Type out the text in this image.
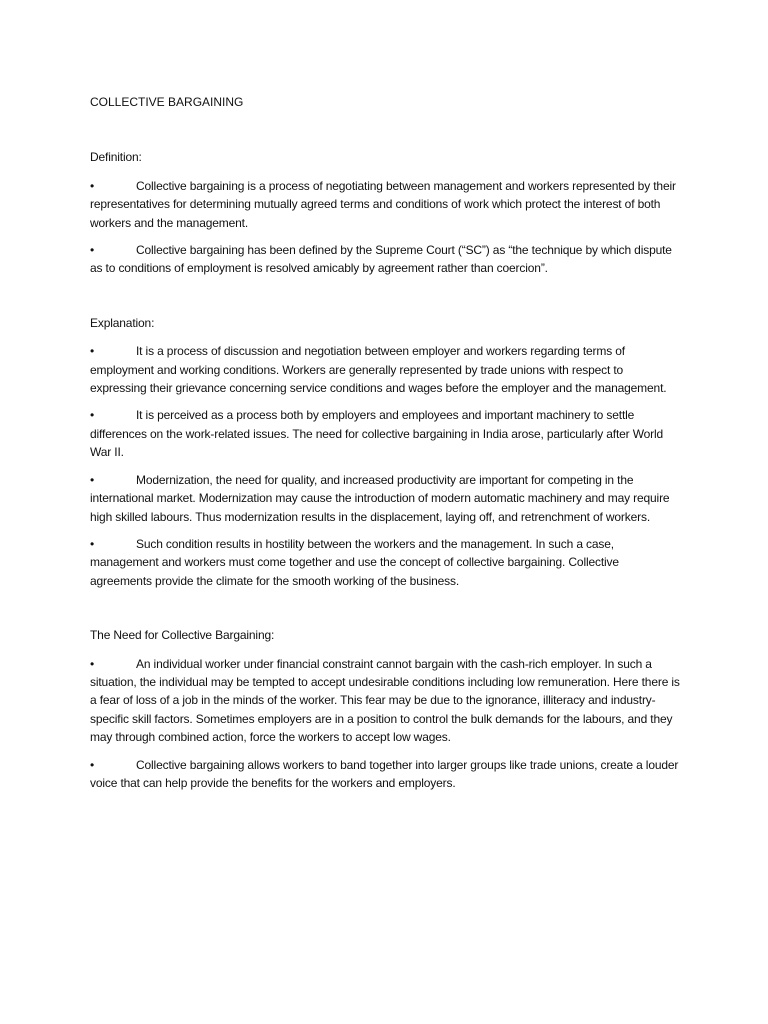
COLLECTIVE BARGAINING
Definition:

•	Collective bargaining is a process of negotiating between management and workers represented by their representatives for determining mutually agreed terms and conditions of work which protect the interest of both workers and the management.

•	Collective bargaining has been defined by the Supreme Court (“SC”) as “the technique by which dispute as to conditions of employment is resolved amicably by agreement rather than coercion”.

Explanation:

•	It is a process of discussion and negotiation between employer and workers regarding terms of employment and working conditions. Workers are generally represented by trade unions with respect to expressing their grievance concerning service conditions and wages before the employer and the management.

•	It is perceived as a process both by employers and employees and important machinery to settle differences on the work-related issues. The need for collective bargaining in India arose, particularly after World War II.

•	Modernization, the need for quality, and increased productivity are important for competing in the international market. Modernization may cause the introduction of modern automatic machinery and may require high skilled labours. Thus modernization results in the displacement, laying off, and retrenchment of workers.

•	Such condition results in hostility between the workers and the management. In such a case, management and workers must come together and use the concept of collective bargaining. Collective agreements provide the climate for the smooth working of the business.

The Need for Collective Bargaining:

•	An individual worker under financial constraint cannot bargain with the cash-rich employer. In such a situation, the individual may be tempted to accept undesirable conditions including low remuneration. Here there is a fear of loss of a job in the minds of the worker. This fear may be due to the ignorance, illiteracy and industry-specific skill factors. Sometimes employers are in a position to control the bulk demands for the labours, and they may through combined action, force the workers to accept low wages.

•	Collective bargaining allows workers to band together into larger groups like trade unions, create a louder voice that can help provide the benefits for the workers and employers.
